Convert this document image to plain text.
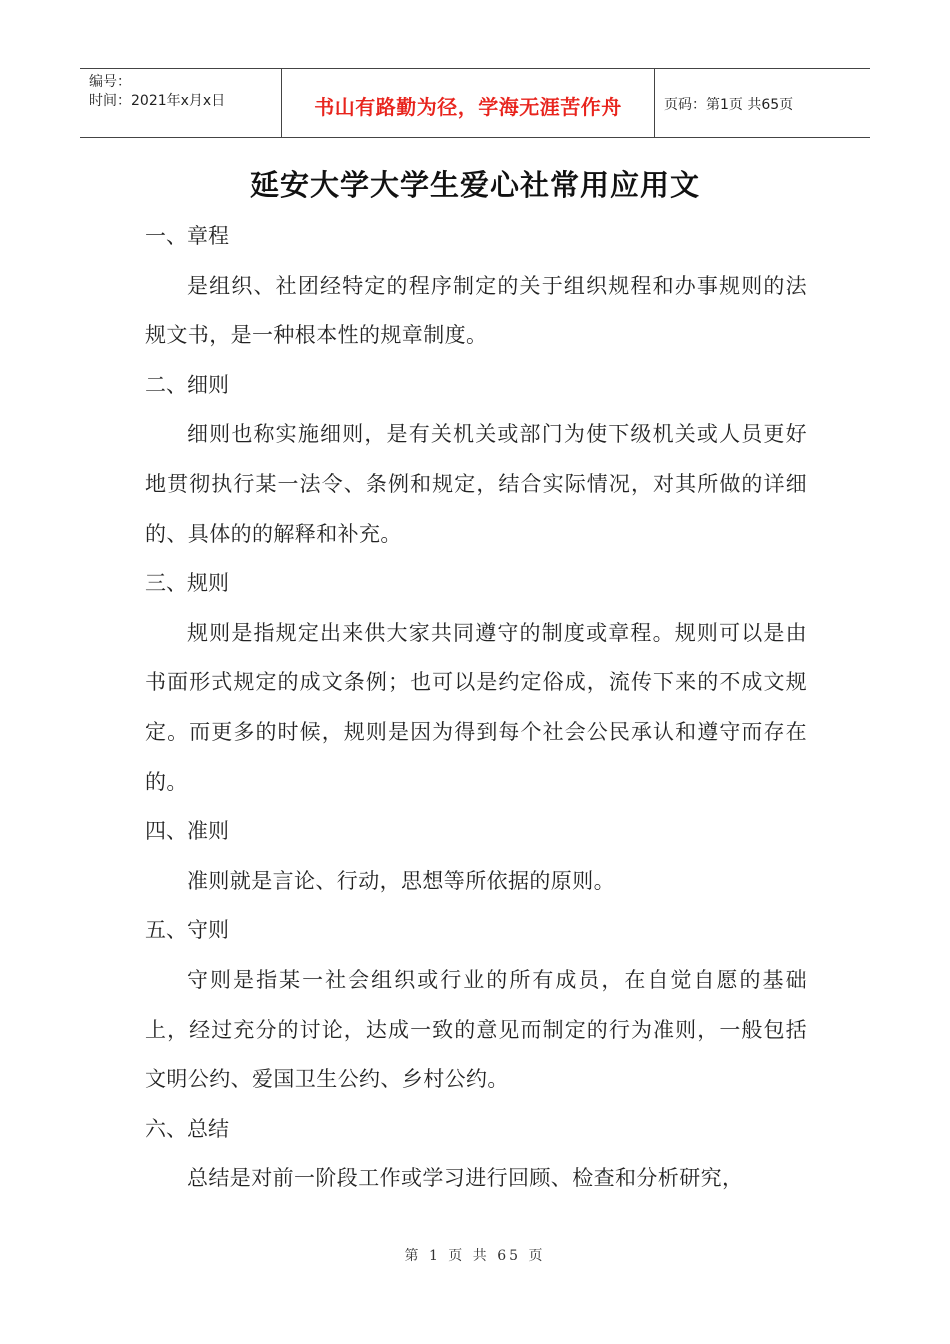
编号：
时间：2021年x月x日	书山有路勤为径，学海无涯苦作舟	页码：第1页 共65页
延安大学大学生爱心社常用应用文

一、章程

是组织、社团经特定的程序制定的关于组织规程和办事规则的法规文书，是一种根本性的规章制度。

二、细则

细则也称实施细则，是有关机关或部门为使下级机关或人员更好地贯彻执行某一法令、条例和规定，结合实际情况，对其所做的详细的、具体的的解释和补充。

三、规则

规则是指规定出来供大家共同遵守的制度或章程。规则可以是由书面形式规定的成文条例；也可以是约定俗成，流传下来的不成文规定。而更多的时候，规则是因为得到每个社会公民承认和遵守而存在的。

四、准则

准则就是言论、行动，思想等所依据的原则。

五、守则

守则是指某一社会组织或行业的所有成员，在自觉自愿的基础上，经过充分的讨论，达成一致的意见而制定的行为准则，一般包括文明公约、爱国卫生公约、乡村公约。

六、总结

总结是对前一阶段工作或学习进行回顾、检查和分析研究，

第 1 页 共 65 页
